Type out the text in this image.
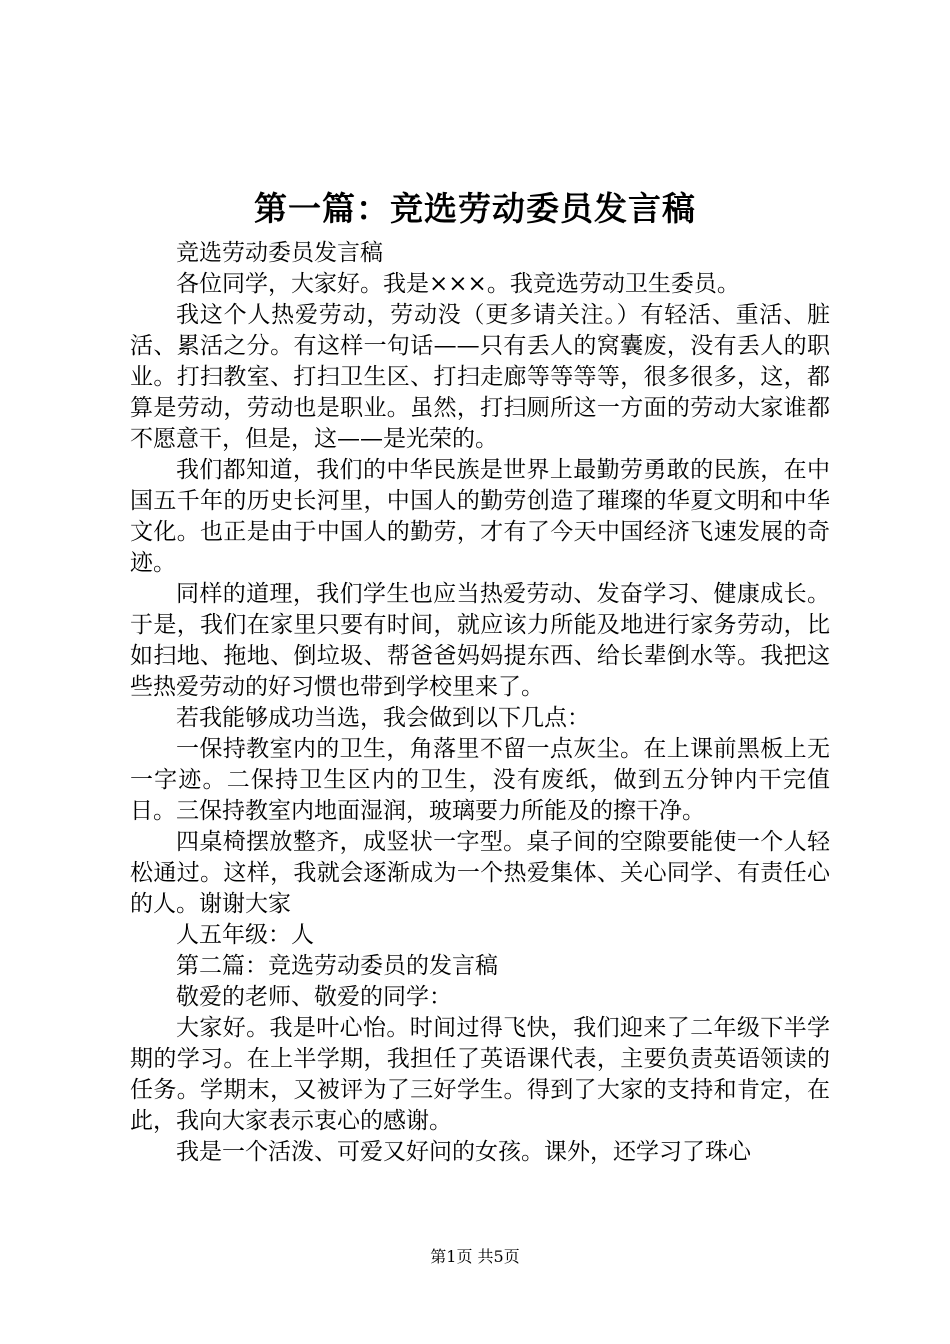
第一篇：竞选劳动委员发言稿

竞选劳动委员发言稿

各位同学，大家好。我是×××。我竞选劳动卫生委员。

我这个人热爱劳动，劳动没（更多请关注。）有轻活、重活、脏活、累活之分。有这样一句话——只有丢人的窝囊废，没有丢人的职业。打扫教室、打扫卫生区、打扫走廊等等等等，很多很多，这，都算是劳动，劳动也是职业。虽然，打扫厕所这一方面的劳动大家谁都不愿意干，但是，这——是光荣的。

我们都知道，我们的中华民族是世界上最勤劳勇敢的民族，在中国五千年的历史长河里，中国人的勤劳创造了璀璨的华夏文明和中华文化。也正是由于中国人的勤劳，才有了今天中国经济飞速发展的奇迹。

同样的道理，我们学生也应当热爱劳动、发奋学习、健康成长。于是，我们在家里只要有时间，就应该力所能及地进行家务劳动，比如扫地、拖地、倒垃圾、帮爸爸妈妈提东西、给长辈倒水等。我把这些热爱劳动的好习惯也带到学校里来了。

若我能够成功当选，我会做到以下几点：

一保持教室内的卫生，角落里不留一点灰尘。在上课前黑板上无一字迹。二保持卫生区内的卫生，没有废纸，做到五分钟内干完值日。三保持教室内地面湿润，玻璃要力所能及的擦干净。

四桌椅摆放整齐，成竖状一字型。桌子间的空隙要能使一个人轻松通过。这样，我就会逐渐成为一个热爱集体、关心同学、有责任心的人。谢谢大家

人五年级：人

第二篇：竞选劳动委员的发言稿

敬爱的老师、敬爱的同学：

大家好。我是叶心怡。时间过得飞快，我们迎来了二年级下半学期的学习。在上半学期，我担任了英语课代表，主要负责英语领读的任务。学期末，又被评为了三好学生。得到了大家的支持和肯定，在此，我向大家表示衷心的感谢。

我是一个活泼、可爱又好问的女孩。课外，还学习了珠心

第1页 共5页
